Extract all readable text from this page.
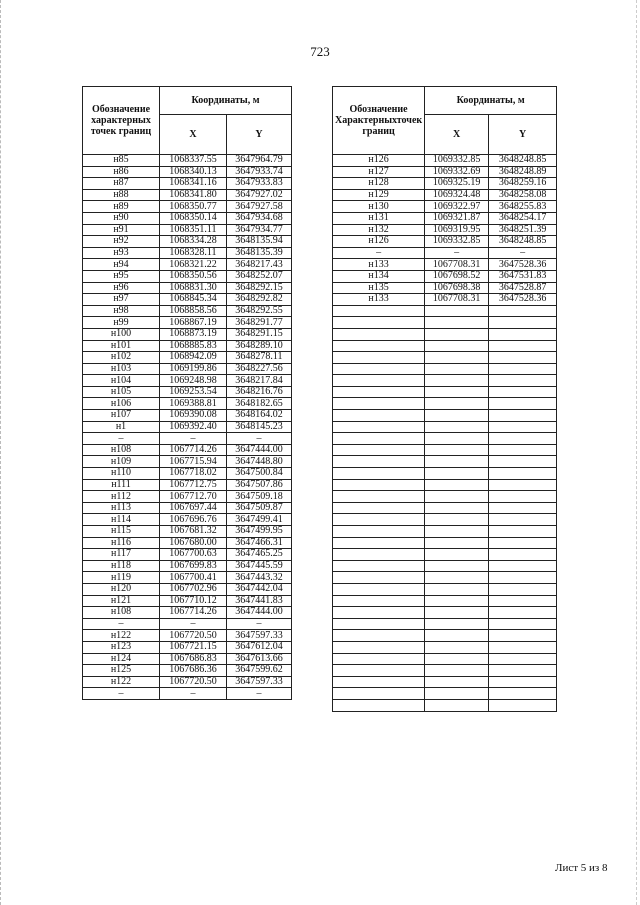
723
Обозначение характерных точек границ	Координаты, м	
	X	Y
н85	1068337.55	3647964.79
н86	1068340.13	3647933.74
н87	1068341.16	3647933.83
н88	1068341.80	3647927.02
н89	1068350.77	3647927.58
н90	1068350.14	3647934.68
н91	1068351.11	3647934.77
н92	1068334.28	3648135.94
н93	1068328.11	3648135.39
н94	1068321.22	3648217.43
н95	1068350.56	3648252.07
н96	1068831.30	3648292.15
н97	1068845.34	3648292.82
н98	1068858.56	3648292.55
н99	1068867.19	3648291.77
н100	1068873.19	3648291.15
н101	1068885.83	3648289.10
н102	1068942.09	3648278.11
н103	1069199.86	3648227.56
н104	1069248.98	3648217.84
н105	1069253.54	3648216.76
н106	1069388.81	3648182.65
н107	1069390.08	3648164.02
н1	1069392.40	3648145.23
–	–	–
н108	1067714.26	3647444.00
н109	1067715.94	3647448.80
н110	1067718.02	3647500.84
н111	1067712.75	3647507.86
н112	1067712.70	3647509.18
н113	1067697.44	3647509.87
н114	1067696.76	3647499.41
н115	1067681.32	3647499.95
н116	1067680.00	3647466.31
н117	1067700.63	3647465.25
н118	1067699.83	3647445.59
н119	1067700.41	3647443.32
н120	1067702.96	3647442.04
н121	1067710.12	3647441.83
н108	1067714.26	3647444.00
–	–	–
н122	1067720.50	3647597.33
н123	1067721.15	3647612.04
н124	1067686.83	3647613.66
н125	1067686.36	3647599.62
н122	1067720.50	3647597.33
–	–	–
Обозначение Характерныхточек границ	Координаты, м	
	X	Y
н126	1069332.85	3648248.85
н127	1069332.69	3648248.89
н128	1069325.19	3648259.16
н129	1069324.48	3648258.08
н130	1069322.97	3648255.83
н131	1069321.87	3648254.17
н132	1069319.95	3648251.39
н126	1069332.85	3648248.85
–	–	–
н133	1067708.31	3647528.36
н134	1067698.52	3647531.83
н135	1067698.38	3647528.87
н133	1067708.31	3647528.36

Лист 5 из 8
